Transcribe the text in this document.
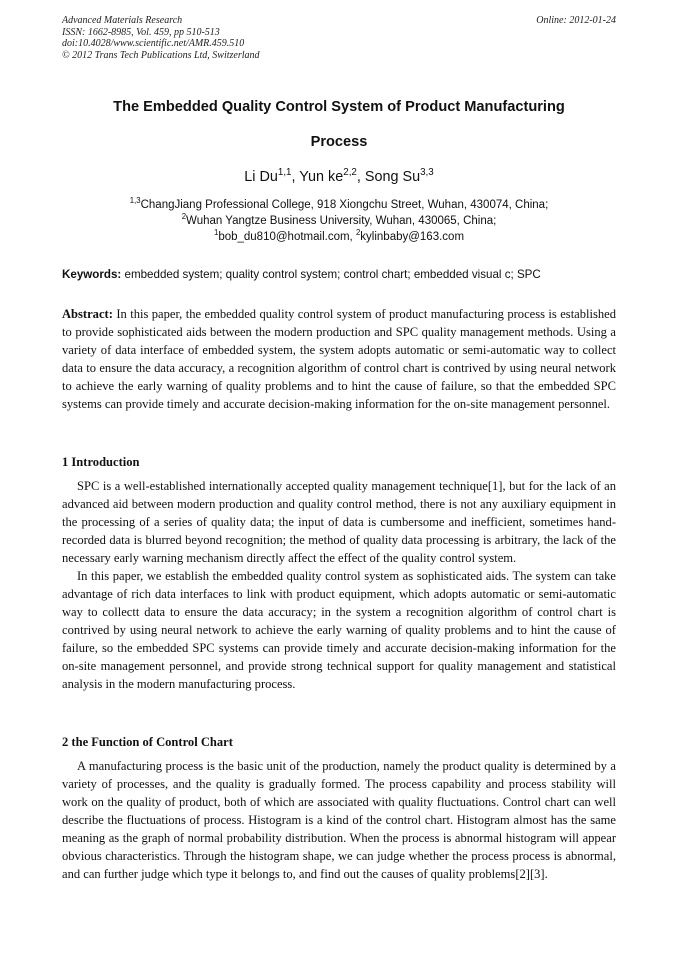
Advanced Materials Research
ISSN: 1662-8985, Vol. 459, pp 510-513
doi:10.4028/www.scientific.net/AMR.459.510
© 2012 Trans Tech Publications Ltd, Switzerland
Online: 2012-01-24
The Embedded Quality Control System of Product Manufacturing
Process
Li Du$^{1,1}$, Yun ke$^{2,2}$, Song Su$^{3,3}$
$^{1,3}$ChangJiang Professional College, 918 Xiongchu Street, Wuhan, 430074, China;
$^2$Wuhan Yangtze Business University, Wuhan, 430065, China;
$^1$bob_du810@hotmail.com, $^2$kylinbaby@163.com
Keywords: embedded system; quality control system; control chart; embedded visual c; SPC

Abstract: In this paper, the embedded quality control system of product manufacturing process is established to provide sophisticated aids between the modern production and SPC quality management methods. Using a variety of data interface of embedded system, the system adopts automatic or semi-automatic way to collect data to ensure the data accuracy, a recognition algorithm of control chart is contrived by using neural network to achieve the early warning of quality problems and to hint the cause of failure, so that the embedded SPC systems can provide timely and accurate decision-making information for the on-site management personnel.

1 Introduction

SPC is a well-established internationally accepted quality management technique[1], but for the lack of an advanced aid between modern production and quality control method, there is not any auxiliary equipment in the processing of a series of quality data; the input of data is cumbersome and inefficient, sometimes hand-recorded data is blurred beyond recognition; the method of quality data processing is arbitrary, the lack of the necessary early warning mechanism directly affect the effect of the quality control system.

In this paper, we establish the embedded quality control system as sophisticated aids. The system can take advantage of rich data interfaces to link with product equipment, which adopts automatic or semi-automatic way to collectt data to ensure the data accuracy; in the system a recognition algorithm of control chart is contrived by using neural network to achieve the early warning of quality problems and to hint the cause of failure, so the embedded SPC systems can provide timely and accurate decision-making information for the on-site management personnel, and provide strong technical support for quality management and statistical analysis in the modern manufacturing process.

2 the Function of Control Chart

A manufacturing process is the basic unit of the production, namely the product quality is determined by a variety of processes, and the quality is gradually formed. The process capability and process stability will work on the quality of product, both of which are associated with quality fluctuations. Control chart can well describe the fluctuations of process. Histogram is a kind of the control chart. Histogram almost has the same meaning as the graph of normal probability distribution. When the process is abnormal histogram will appear obvious characteristics. Through the histogram shape, we can judge whether the process process is abnormal, and can further judge which type it belongs to, and find out the causes of quality problems[2][3].
